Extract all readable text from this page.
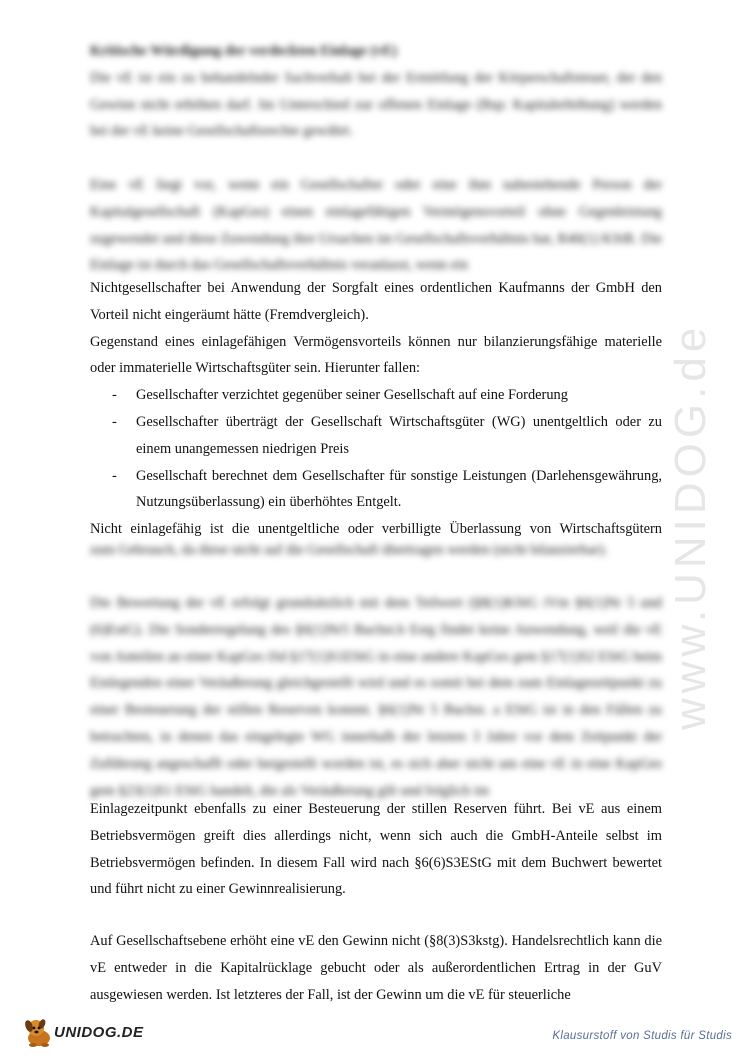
Kritische Würdigung der verdeckten Einlage (vE)

Die vE ist ein zu behandelnder Sachverhalt bei der Ermittlung der Körperschaftsteuer, der den Gewinn nicht erhöhen darf. Im Unterschied zur offenen Einlage (Bsp: Kapitalerhöhung) werden bei der vE keine Gesellschaftsrechte gewährt.

Eine vE liegt vor, wenn ein Gesellschafter oder eine ihm nahestehende Person der Kapitalgesellschaft (KapGes) einen einlagefähigen Vermögensvorteil ohne Gegenleistung zugewendet und diese Zuwendung ihre Ursachen im Gesellschaftsverhältnis hat, R40(1) KStR. Die Einlage ist durch das Gesellschaftsverhältnis veranlasst, wenn ein

Nichtgesellschafter bei Anwendung der Sorgfalt eines ordentlichen Kaufmanns der GmbH den Vorteil nicht eingeräumt hätte (Fremdvergleich).

Gegenstand eines einlagefähigen Vermögensvorteils können nur bilanzierungsfähige materielle oder immaterielle Wirtschaftsgüter sein. Hierunter fallen:

- Gesellschafter verzichtet gegenüber seiner Gesellschaft auf eine Forderung
- Gesellschafter überträgt der Gesellschaft Wirtschaftsgüter (WG) unentgeltlich oder zu einem unangemessen niedrigen Preis
- Gesellschaft berechnet dem Gesellschafter für sonstige Leistungen (Darlehensgewährung, Nutzungsüberlassung) ein überhöhtes Entgelt.

Nicht einlagefähig ist die unentgeltliche oder verbilligte Überlassung von Wirtschaftsgütern

zum Gebrauch, da diese nicht auf die Gesellschaft übertragen werden (nicht bilanzierbar).

Die Bewertung der vE erfolgt grundsätzlich mit dem Teilwert (§8(1)KStG iVm §6(1)Nr 5 und (6)EstG). Die Sonderregelung des §6(1)Nr5 Buchst.b Estg findet keine Anwendung, weil die vE von Anteilen an einer KapGes iSd §17(1)S1EStG in eine andere KapGes gem §17(1)S2 EStG beim Einlegenden einer Veräußerung gleichgestellt wird und es somit bei dem zum Einlagezeitpunkt zu einer Besteuerung der stillen Reserven kommt. §6(1)Nr 5 Buchst. a EStG ist in den Fällen zu betrachten, in denen das eingelegte WG innerhalb der letzten 3 Jahre vor dem Zeitpunkt der Zuführung angeschafft oder hergestellt worden ist, es sich aber nicht um eine vE in eine KapGes gem §23(1)S1 EStG handelt, die als Veräußerung gilt und folglich im

Einlagezeitpunkt ebenfalls zu einer Besteuerung der stillen Reserven führt. Bei vE aus einem Betriebsvermögen greift dies allerdings nicht, wenn sich auch die GmbH-Anteile selbst im Betriebsvermögen befinden. In diesem Fall wird nach §6(6)S3EStG mit dem Buchwert bewertet und führt nicht zu einer Gewinnrealisierung.

Auf Gesellschaftsebene erhöht eine vE den Gewinn nicht (§8(3)S3kstg). Handelsrechtlich kann die vE entweder in die Kapitalrücklage gebucht oder als außerordentlichen Ertrag in der GuV ausgewiesen werden. Ist letzteres der Fall, ist der Gewinn um die vE für steuerliche

www.UNIDOG.de
UNIDOG.DE	Klausurstoff von Studis für Studis
